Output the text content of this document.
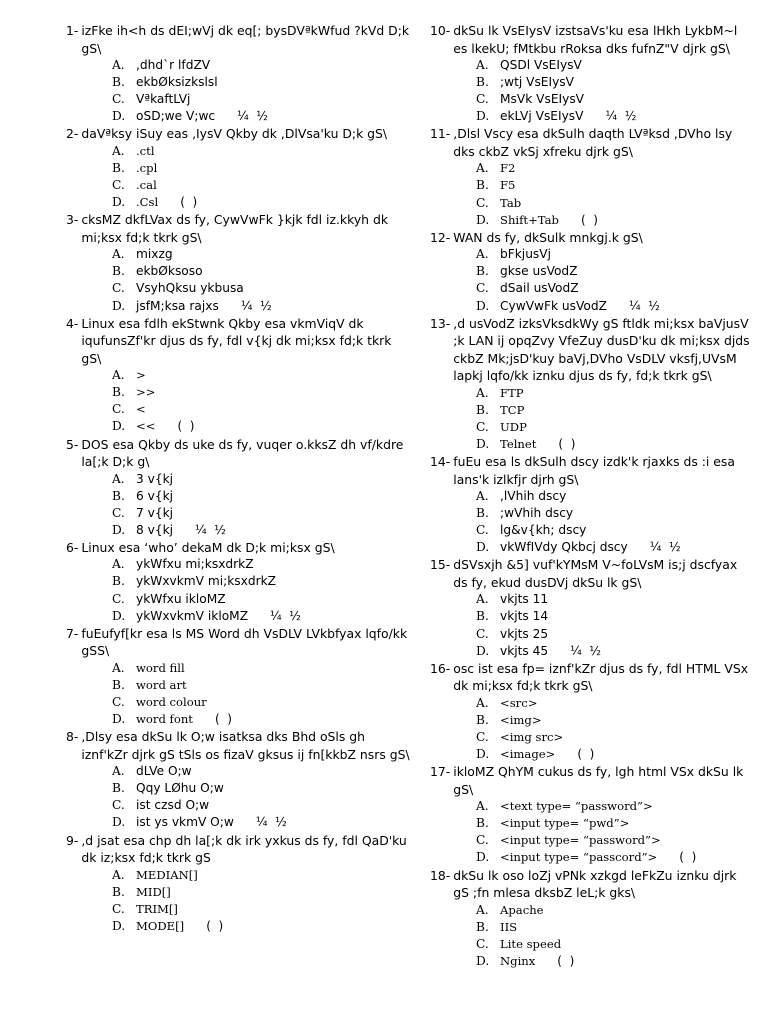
1- izFke ih<h ds dEI;wVj dk eq[; bysDVªkWfud ?kVd D;k gS\
A. ,dhd`r lfdZV
B. ekbØksizkslsl
C. VªkaftLVj
D. oSD;we V;wc ¼  ½
2- daVªksy iSuy eas ,IysV Qkby dk ,DlVsa'ku D;k gS\
A. .ctl
B. .cpl
C. .cal
D. .Csl (  )
3- cksMZ dkfLVax ds fy, CywVwFk }kjk fdl iz.kkyh dk mi;ksx fd;k tkrk gS\
A. mixzg
B. ekbØksoso
C. VsyhQksu ykbusa
D. jsfM;ksa rajxs ¼  ½
4- Linux esa fdlh ekStwnk Qkby esa vkmViqV dk iqufunsZf'kr djus ds fy, fdl v{kj dk mi;ksx fd;k tkrk gS\
A. >
B. >>
C. <
D. << (  )
5- DOS esa Qkby ds uke ds fy, vuqer o.kksZ dh vf/kdre la[;k D;k g\
A. 3 v{kj
B. 6 v{kj
C. 7 v{kj
D. 8 v{kj ¼  ½
6- Linux esa ‘who’ dekaM dk D;k mi;ksx gS\
A. ykWfxu mi;ksxdrkZ
B. ykWxvkmV mi;ksxdrkZ
C. ykWfxu ikloMZ
D. ykWxvkmV ikloMZ ¼  ½
7- fuEufyf[kr esa ls MS Word dh VsDLV LVkbfyax lqfo/kk gSS\
A. word fill
B. word art
C. word colour
D. word font (  )
8- ,Dlsy esa dkSu lk O;w isatksa dks Bhd oSls gh iznf'kZr djrk gS tSls os fizaV gksus ij fn[kkbZ nsrs gS\
A. dLVe O;w
B. Qqy LØhu O;w
C. ist czsd O;w
D. ist ys vkmV O;w ¼  ½
9- ,d jsat esa chp dh la[;k dk irk yxkus ds fy, fdl QaD'ku dk iz;ksx fd;k tkrk gS
A. MEDIAN[]
B. MID[]
C. TRIM[]
D. MODE[] (  )
10- dkSu lk VsEIysV izstsaVs'ku esa lHkh LykbM~l es lkekU; fMtkbu rRoksa dks fufnZ"V djrk gS\
A. QSDl VsEIysV
B. ;wtj VsEIysV
C. MsVk VsEIysV
D. ekLVj VsEIysV ¼  ½
11- ,Dlsl Vscy esa dkSulh daqth LVªksd ,DVho lsy dks ckbZ vkSj xfreku djrk gS\
A. F2
B. F5
C. Tab
D. Shift+Tab (  )
12- WAN ds fy, dkSulk mnkgj.k gS\
A. bFkjusVj
B. gkse usVodZ
C. dSail usVodZ
D. CywVwFk usVodZ ¼  ½
13- ,d usVodZ izksVksdkWy gS ftldk mi;ksx baVjusV ;k LAN ij opqZvy VfeZuy dusD'ku dk mi;ksx djds ckbZ Mk;jsD'kuy baVj,DVho VsDLV vksfj,UVsM lapkj lqfo/kk iznku djus ds fy, fd;k tkrk gS\
A. FTP
B. TCP
C. UDP
D. Telnet (  )
14- fuEu esa ls dkSulh dscy izdk'k rjaxks ds :i esa lans'k izlkfjr djrh gS\
A. ,lVhih dscy
B. ;wVhih dscy
C. lg&v{kh; dscy
D. vkWfIVdy Qkbcj dscy ¼  ½
15- dSVsxjh &5] vuf'kYMsM V~foLVsM is;j dscfyax ds fy, ekud dusDVj dkSu lk gS\
A. vkjts 11
B. vkjts 14
C. vkjts 25
D. vkjts 45 ¼  ½
16- osc ist esa fp= iznf'kZr djus ds fy, fdl HTML VSx dk mi;ksx fd;k tkrk gS\
A. <src>
B. <img>
C. <img src>
D. <image> (  )
17- ikloMZ QhYM cukus ds fy, lgh html VSx dkSu lk gS\
A. <text type= “password”>
B. <input type= “pwd”>
C. <input type= “password”>
D. <input type= “passcord”> (  )
18- dkSu lk oso loZj vPNk xzkgd leFkZu iznku djrk gS ;fn mlesa dksbZ leL;k gks\
A. Apache
B. IIS
C. Lite speed
D. Nginx (  )
